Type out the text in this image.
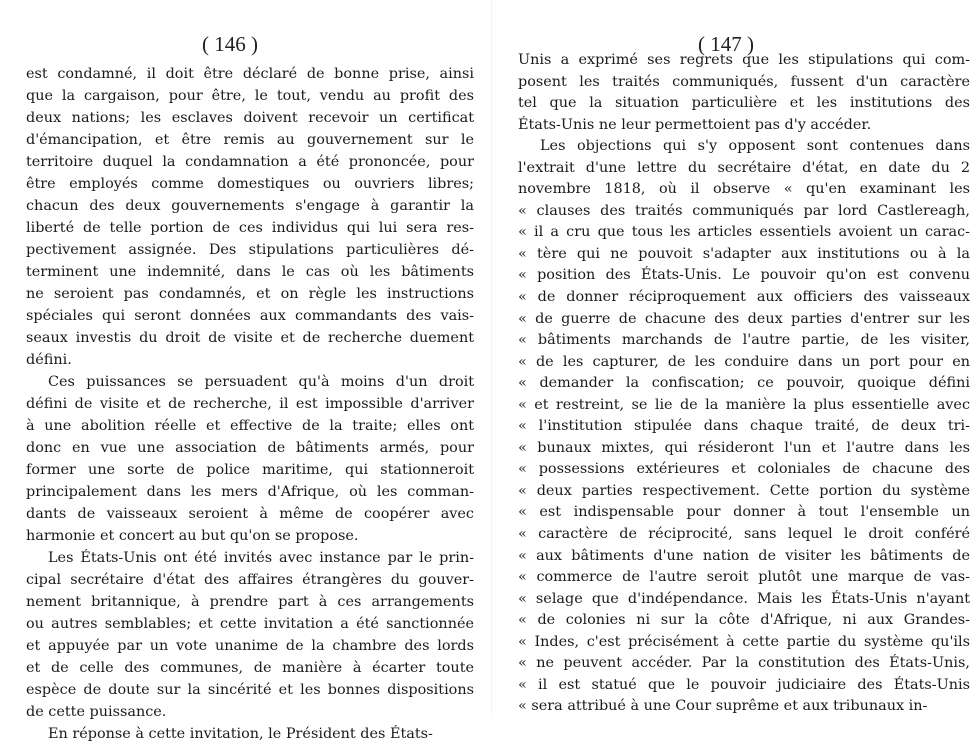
( 146 )
est condamné, il doit être déclaré de bonne prise, ainsi
que la cargaison, pour être, le tout, vendu au profit des
deux nations; les esclaves doivent recevoir un certificat
d'émancipation, et être remis au gouvernement sur le
territoire duquel la condamnation a été prononcée, pour
être employés comme domestiques ou ouvriers libres;
chacun des deux gouvernements s'engage à garantir la
liberté de telle portion de ces individus qui lui sera res-
pectivement assignée. Des stipulations particulières dé-
terminent une indemnité, dans le cas où les bâtiments
ne seroient pas condamnés, et on règle les instructions
spéciales qui seront données aux commandants des vais-
seaux investis du droit de visite et de recherche duement
défini.
Ces puissances se persuadent qu'à moins d'un droit
défini de visite et de recherche, il est impossible d'arriver
à une abolition réelle et effective de la traite; elles ont
donc en vue une association de bâtiments armés, pour
former une sorte de police maritime, qui stationneroit
principalement dans les mers d'Afrique, où les comman-
dants de vaisseaux seroient à même de coopérer avec
harmonie et concert au but qu'on se propose.
Les États-Unis ont été invités avec instance par le prin-
cipal secrétaire d'état des affaires étrangères du gouver-
nement britannique, à prendre part à ces arrangements
ou autres semblables; et cette invitation a été sanctionnée
et appuyée par un vote unanime de la chambre des lords
et de celle des communes, de manière à écarter toute
espèce de doute sur la sincérité et les bonnes dispositions
de cette puissance.
En réponse à cette invitation, le Président des États-
( 147 )
Unis a exprimé ses regrets que les stipulations qui com-
posent les traités communiqués, fussent d'un caractère
tel que la situation particulière et les institutions des
États-Unis ne leur permettoient pas d'y accéder.
Les objections qui s'y opposent sont contenues dans
l'extrait d'une lettre du secrétaire d'état, en date du 2
novembre 1818, où il observe « qu'en examinant les
« clauses des traités communiqués par lord Castlereagh,
« il a cru que tous les articles essentiels avoient un carac-
« tère qui ne pouvoit s'adapter aux institutions ou à la
« position des États-Unis. Le pouvoir qu'on est convenu
« de donner réciproquement aux officiers des vaisseaux
« de guerre de chacune des deux parties d'entrer sur les
« bâtiments marchands de l'autre partie, de les visiter,
« de les capturer, de les conduire dans un port pour en
« demander la confiscation; ce pouvoir, quoique défini
« et restreint, se lie de la manière la plus essentielle avec
« l'institution stipulée dans chaque traité, de deux tri-
« bunaux mixtes, qui résideront l'un et l'autre dans les
« possessions extérieures et coloniales de chacune des
« deux parties respectivement. Cette portion du système
« est indispensable pour donner à tout l'ensemble un
« caractère de réciprocité, sans lequel le droit conféré
« aux bâtiments d'une nation de visiter les bâtiments de
« commerce de l'autre seroit plutôt une marque de vas-
« selage que d'indépendance. Mais les États-Unis n'ayant
« de colonies ni sur la côte d'Afrique, ni aux Grandes-
« Indes, c'est précisément à cette partie du système qu'ils
« ne peuvent accéder. Par la constitution des États-Unis,
« il est statué que le pouvoir judiciaire des États-Unis
« sera attribué à une Cour suprême et aux tribunaux in-
